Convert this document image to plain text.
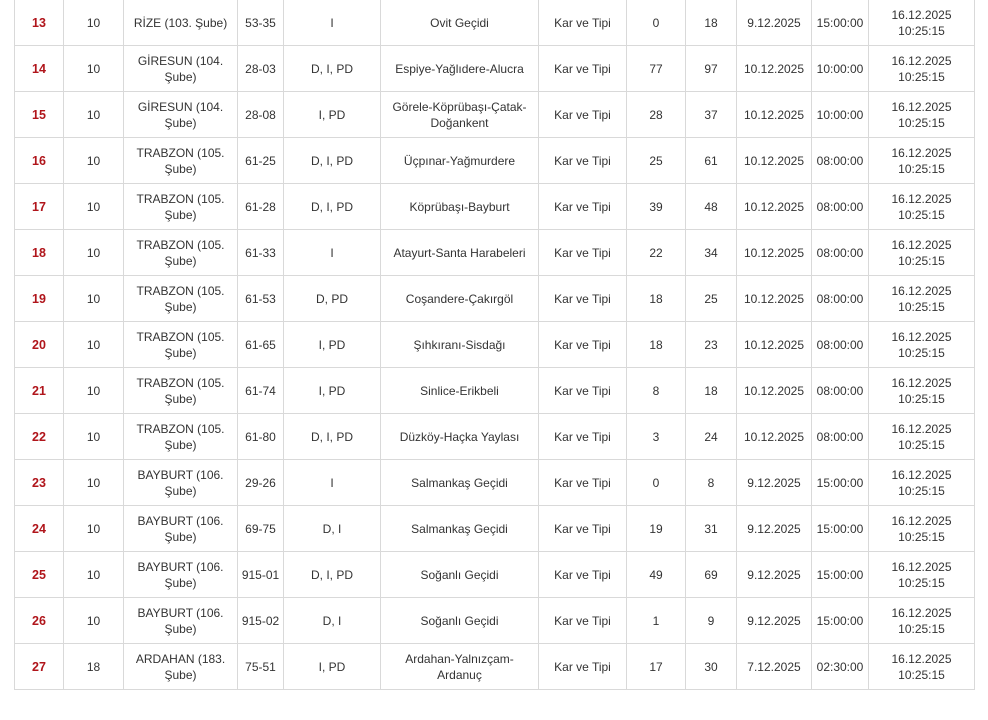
13	10	RİZE (103. Şube)	53-35	I	Ovit Geçidi	Kar ve Tipi	0	18	9.12.2025	15:00:00	16.12.2025 10:25:15
14	10	GİRESUN (104. Şube)	28-03	D, I, PD	Espiye-Yağlıdere-Alucra	Kar ve Tipi	77	97	10.12.2025	10:00:00	16.12.2025 10:25:15
15	10	GİRESUN (104. Şube)	28-08	I, PD	Görele-Köprübaşı-Çatak-Doğankent	Kar ve Tipi	28	37	10.12.2025	10:00:00	16.12.2025 10:25:15
16	10	TRABZON (105. Şube)	61-25	D, I, PD	Üçpınar-Yağmurdere	Kar ve Tipi	25	61	10.12.2025	08:00:00	16.12.2025 10:25:15
17	10	TRABZON (105. Şube)	61-28	D, I, PD	Köprübaşı-Bayburt	Kar ve Tipi	39	48	10.12.2025	08:00:00	16.12.2025 10:25:15
18	10	TRABZON (105. Şube)	61-33	I	Atayurt-Santa Harabeleri	Kar ve Tipi	22	34	10.12.2025	08:00:00	16.12.2025 10:25:15
19	10	TRABZON (105. Şube)	61-53	D, PD	Coşandere-Çakırgöl	Kar ve Tipi	18	25	10.12.2025	08:00:00	16.12.2025 10:25:15
20	10	TRABZON (105. Şube)	61-65	I, PD	Şıhkıranı-Sisdağı	Kar ve Tipi	18	23	10.12.2025	08:00:00	16.12.2025 10:25:15
21	10	TRABZON (105. Şube)	61-74	I, PD	Sinlice-Erikbeli	Kar ve Tipi	8	18	10.12.2025	08:00:00	16.12.2025 10:25:15
22	10	TRABZON (105. Şube)	61-80	D, I, PD	Düzköy-Haçka Yaylası	Kar ve Tipi	3	24	10.12.2025	08:00:00	16.12.2025 10:25:15
23	10	BAYBURT (106. Şube)	29-26	I	Salmankaş Geçidi	Kar ve Tipi	0	8	9.12.2025	15:00:00	16.12.2025 10:25:15
24	10	BAYBURT (106. Şube)	69-75	D, I	Salmankaş Geçidi	Kar ve Tipi	19	31	9.12.2025	15:00:00	16.12.2025 10:25:15
25	10	BAYBURT (106. Şube)	915-01	D, I, PD	Soğanlı Geçidi	Kar ve Tipi	49	69	9.12.2025	15:00:00	16.12.2025 10:25:15
26	10	BAYBURT (106. Şube)	915-02	D, I	Soğanlı Geçidi	Kar ve Tipi	1	9	9.12.2025	15:00:00	16.12.2025 10:25:15
27	18	ARDAHAN (183. Şube)	75-51	I, PD	Ardahan-Yalnızçam-Ardanuç	Kar ve Tipi	17	30	7.12.2025	02:30:00	16.12.2025 10:25:15
